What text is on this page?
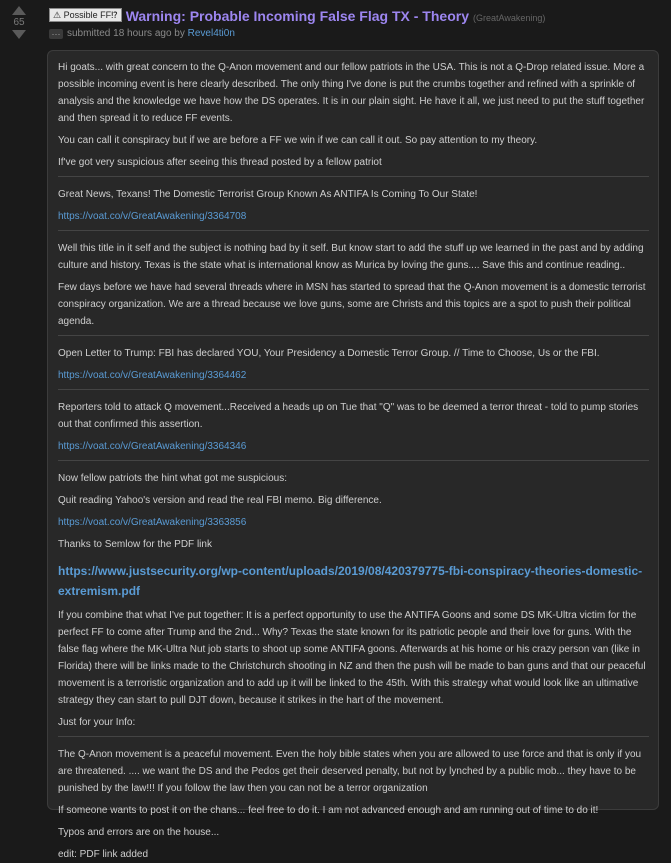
65
⚠ Possible FF⁉ Warning: Probable Incoming False Flag TX - Theory (GreatAwakening)
⋯ submitted 18 hours ago by Revel4ti0n

Hi goats... with great concern to the Q-Anon movement and our fellow patriots in the USA. This is not a Q-Drop related issue. More a possible incoming event is here clearly described. The only thing I've done is put the crumbs together and refined with a sprinkle of analysis and the knowledge we have how the DS operates. It is in our plain sight. He have it all, we just need to put the stuff together and then spread it to reduce FF events.

You can call it conspiracy but if we are before a FF we win if we can call it out. So pay attention to my theory.

If've got very suspicious after seeing this thread posted by a fellow patriot

Great News, Texans! The Domestic Terrorist Group Known As ANTIFA Is Coming To Our State!

https://voat.co/v/GreatAwakening/3364708

Well this title in it self and the subject is nothing bad by it self. But know start to add the stuff up we learned in the past and by adding culture and history. Texas is the state what is international know as Murica by loving the guns.... Save this and continue reading..

Few days before we have had several threads where in MSN has started to spread that the Q-Anon movement is a domestic terrorist conspiracy organization. We are a thread because we love guns, some are Christs and this topics are a spot to push their political agenda.

Open Letter to Trump: FBI has declared YOU, Your Presidency a Domestic Terror Group. // Time to Choose, Us or the FBI.

https://voat.co/v/GreatAwakening/3364462

Reporters told to attack Q movement...Received a heads up on Tue that "Q" was to be deemed a terror threat - told to pump stories out that confirmed this assertion.

https://voat.co/v/GreatAwakening/3364346

Now fellow patriots the hint what got me suspicious:

Quit reading Yahoo's version and read the real FBI memo. Big difference.

https://voat.co/v/GreatAwakening/3363856

Thanks to Semlow for the PDF link

https://www.justsecurity.org/wp-content/uploads/2019/08/420379775-fbi-conspiracy-theories-domestic-extremism.pdf

If you combine that what I've put together: It is a perfect opportunity to use the ANTIFA Goons and some DS MK-Ultra victim for the perfect FF to come after Trump and the 2nd... Why? Texas the state known for its patriotic people and their love for guns. With the false flag where the MK-Ultra Nut job starts to shoot up some ANTIFA goons. Afterwards at his home or his crazy person van (like in Florida) there will be links made to the Christchurch shooting in NZ and then the push will be made to ban guns and that our peaceful movement is a terroristic organization and to add up it will be linked to the 45th. With this strategy what would look like an ultimative strategy they can start to pull DJT down, because it strikes in the hart of the movement.

Just for your Info:

The Q-Anon movement is a peaceful movement. Even the holy bible states when you are allowed to use force and that is only if you are threatened. .... we want the DS and the Pedos get their deserved penalty, but not by lynched by a public mob... they have to be punished by the law!!! If you follow the law then you can not be a terror organization

If someone wants to post it on the chans... feel free to do it. I am not advanced enough and am running out of time to do it!

Typos and errors are on the house...

edit: PDF link added
